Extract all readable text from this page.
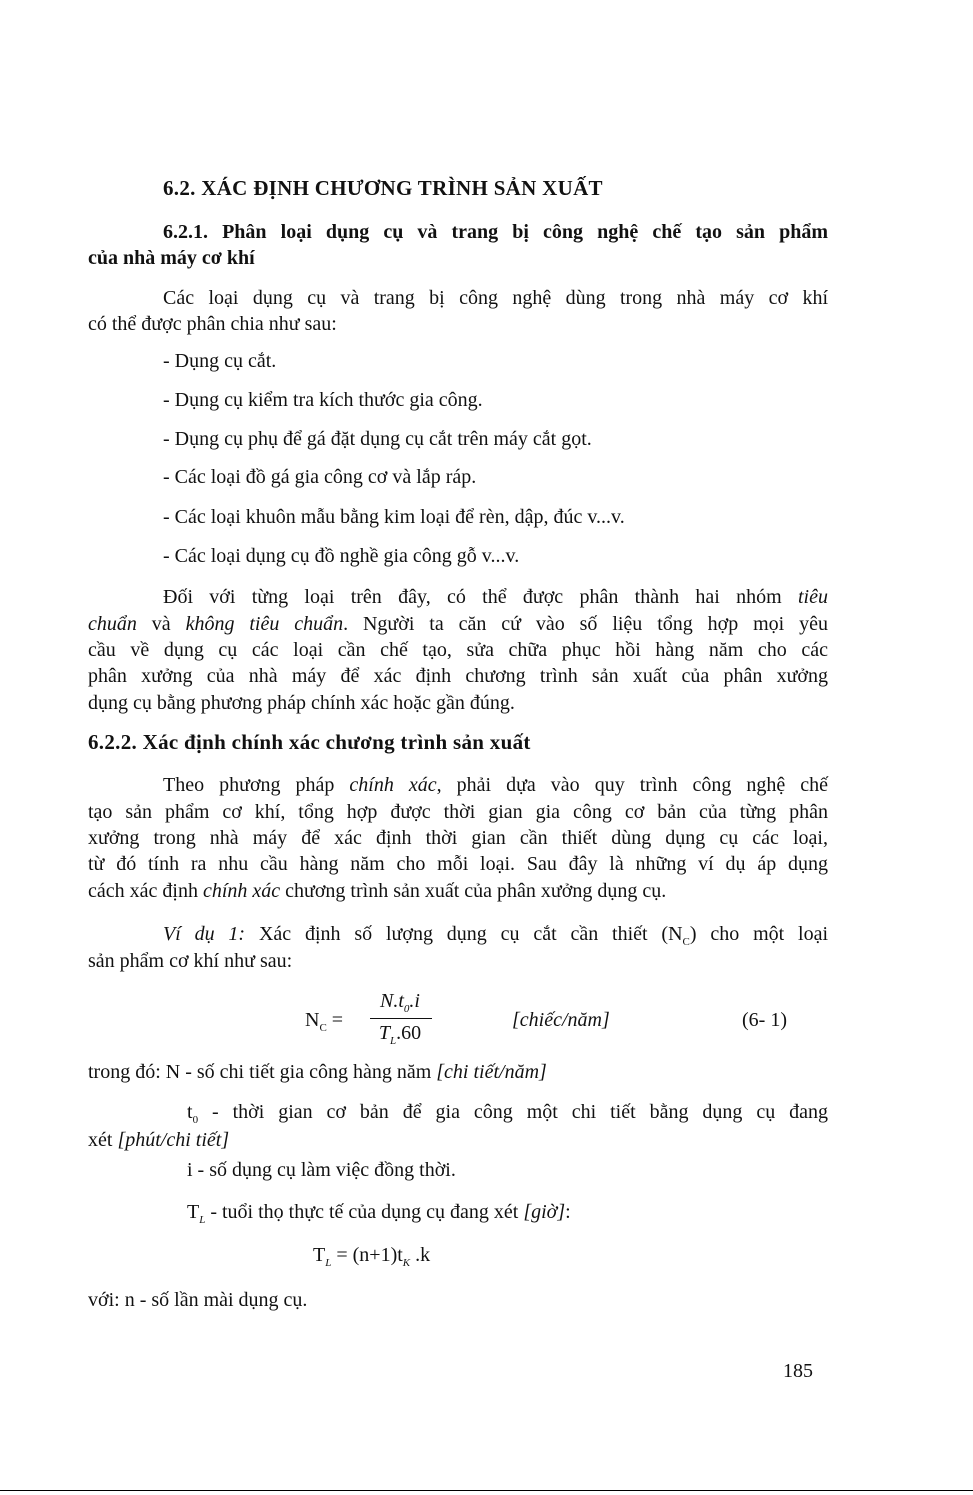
6.2. XÁC ĐỊNH CHƯƠNG TRÌNH SẢN XUẤT
6.2.1. Phân loại dụng cụ và trang bị công nghệ chế tạo sản phẩm
của nhà máy cơ khí
Các loại dụng cụ và trang bị công nghệ dùng trong nhà máy cơ khí
có thể được phân chia như sau:
- Dụng cụ cắt.
- Dụng cụ kiểm tra kích thước gia công.
- Dụng cụ phụ để gá đặt dụng cụ cắt trên máy cắt gọt.
- Các loại đồ gá gia công cơ và lắp ráp.
- Các loại khuôn mẫu bằng kim loại để rèn, dập, đúc v...v.
- Các loại dụng cụ đồ nghề gia công gỗ v...v.
Đối với từng loại trên đây, có thể được phân thành hai nhóm tiêu
chuẩn và không tiêu chuẩn. Người ta căn cứ vào số liệu tổng hợp mọi yêu
cầu về dụng cụ các loại cần chế tạo, sửa chữa phục hồi hàng năm cho các
phân xưởng của nhà máy để xác định chương trình sản xuất của phân xưởng
dụng cụ bằng phương pháp chính xác hoặc gần đúng.
6.2.2. Xác định chính xác chương trình sản xuất
Theo phương pháp chính xác, phải dựa vào quy trình công nghệ chế
tạo sản phẩm cơ khí, tổng hợp được thời gian gia công cơ bản của từng phân
xưởng trong nhà máy để xác định thời gian cần thiết dùng dụng cụ các loại,
từ đó tính ra nhu cầu hàng năm cho mỗi loại. Sau đây là những ví dụ áp dụng
cách xác định chính xác chương trình sản xuất của phân xưởng dụng cụ.
Ví dụ 1: Xác định số lượng dụng cụ cắt cần thiết $(N_C)$ cho một loại
sản phẩm cơ khí như sau:
$N_C$ =
$N.t_0.i$
$T_L.60$
[chiếc/năm]	(6- 1)
trong đó: N - số chi tiết gia công hàng năm [chi tiết/năm]
$t_0$ - thời gian cơ bản để gia công một chi tiết bằng dụng cụ đang
xét [phút/chi tiết]
i - số dụng cụ làm việc đồng thời.
$T_L$ - tuổi thọ thực tế của dụng cụ đang xét [giờ]:
$T_L = (n+1)t_K$ .k
với: n - số lần mài dụng cụ.
185
